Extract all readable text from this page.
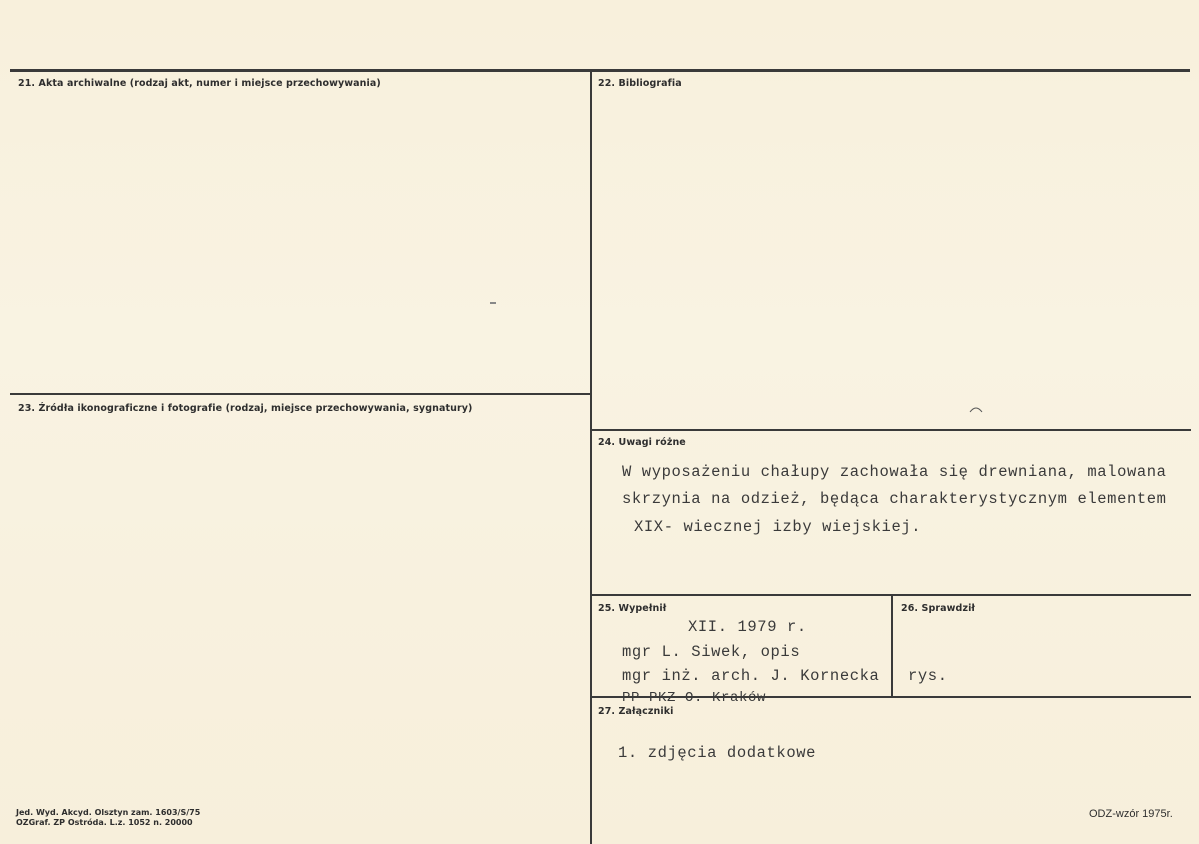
21. Akta archiwalne (rodzaj akt, numer i miejsce przechowywania)	22. Bibliografia
23. Źródła ikonograficzne i fotografie (rodzaj, miejsce przechowywania, sygnatury)
24. Uwagi różne
25. Wypełnił	26. Sprawdził
27. Załączniki
W wyposażeniu chałupy zachowała się drewniana, malowana
skrzynia na odzież, będąca charakterystycznym elementem
XIX- wiecznej izby wiejskiej.
XII. 1979 r.
mgr L. Siwek, opis
mgr inż. arch. J. Kornecka rys.
PP PKZ O. Kraków
1. zdjęcia dodatkowe
Jed. Wyd. Akcyd. Olsztyn zam. 1603/S/75
OZGraf. ZP Ostróda. L.z. 1052 n. 20000
ODZ-wzór 1975r.
